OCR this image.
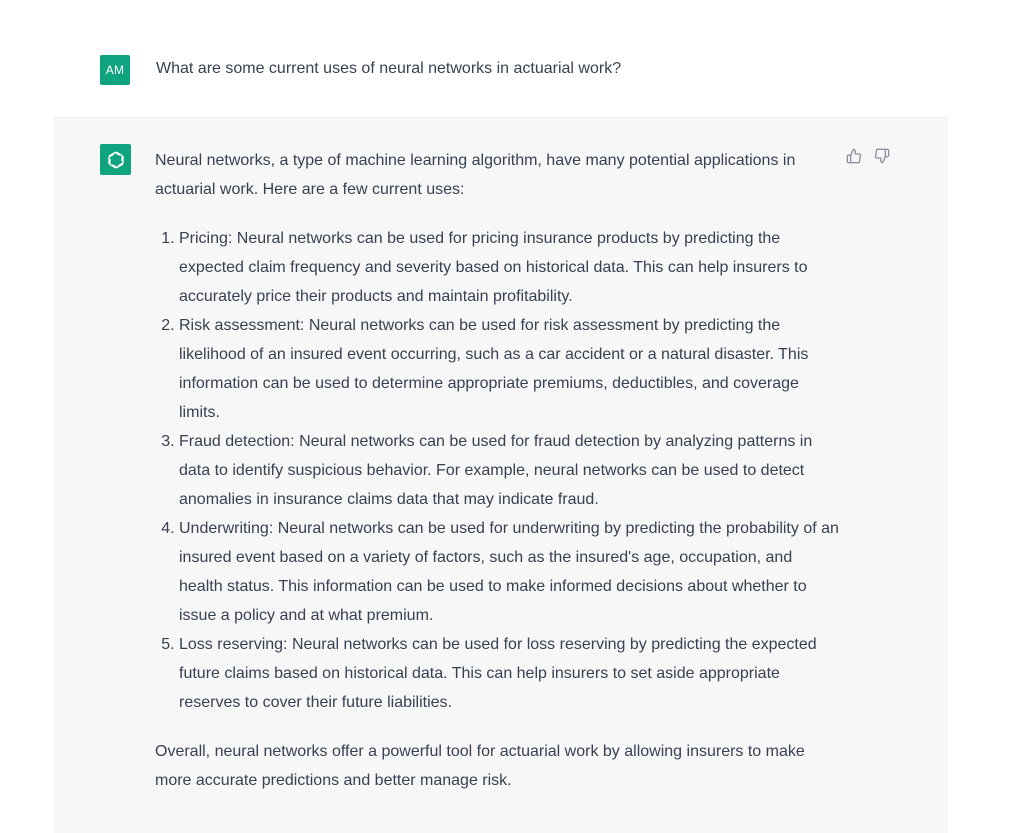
AM	What are some current uses of neural networks in actuarial work?

Neural networks, a type of machine learning algorithm, have many potential applications in actuarial work. Here are a few current uses:

1. Pricing: Neural networks can be used for pricing insurance products by predicting the expected claim frequency and severity based on historical data. This can help insurers to accurately price their products and maintain profitability.
2. Risk assessment: Neural networks can be used for risk assessment by predicting the likelihood of an insured event occurring, such as a car accident or a natural disaster. This information can be used to determine appropriate premiums, deductibles, and coverage limits.
3. Fraud detection: Neural networks can be used for fraud detection by analyzing patterns in data to identify suspicious behavior. For example, neural networks can be used to detect anomalies in insurance claims data that may indicate fraud.
4. Underwriting: Neural networks can be used for underwriting by predicting the probability of an insured event based on a variety of factors, such as the insured's age, occupation, and health status. This information can be used to make informed decisions about whether to issue a policy and at what premium.
5. Loss reserving: Neural networks can be used for loss reserving by predicting the expected future claims based on historical data. This can help insurers to set aside appropriate reserves to cover their future liabilities.

Overall, neural networks offer a powerful tool for actuarial work by allowing insurers to make more accurate predictions and better manage risk.
